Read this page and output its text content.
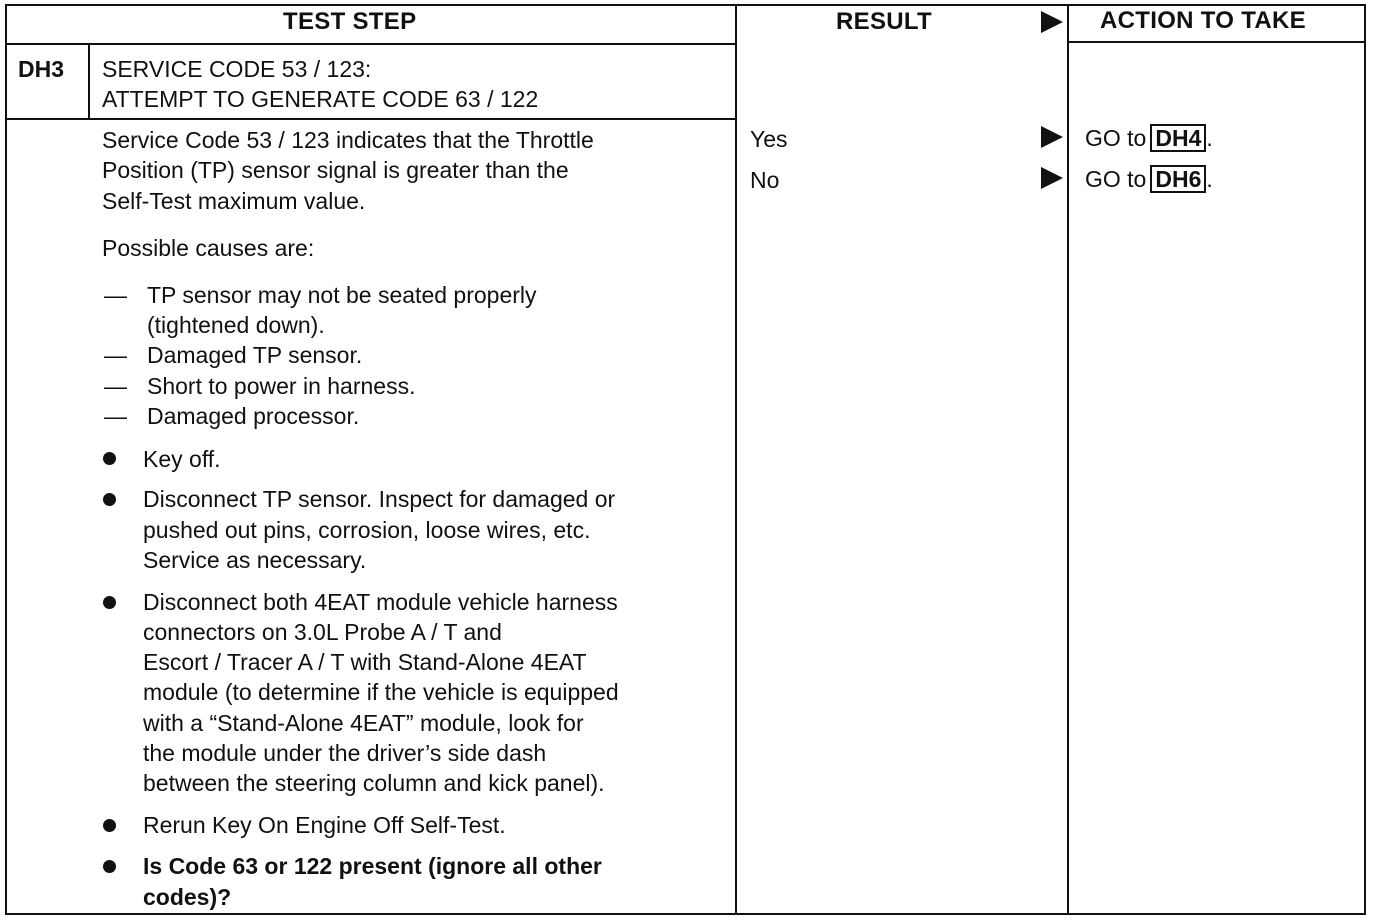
TEST STEP	RESULT	ACTION TO TAKE
DH3 SERVICE CODE 53 / 123:
ATTEMPT TO GENERATE CODE 63 / 122
Service Code 53 / 123 indicates that the Throttle
Position (TP) sensor signal is greater than the
Self-Test maximum value.
Possible causes are:
— TP sensor may not be seated properly
(tightened down).
— Damaged TP sensor.
— Short to power in harness.
— Damaged processor.
Key off.
Disconnect TP sensor. Inspect for damaged or
pushed out pins, corrosion, loose wires, etc.
Service as necessary.
Disconnect both 4EAT module vehicle harness
connectors on 3.0L Probe A / T and
Escort / Tracer A / T with Stand-Alone 4EAT
module (to determine if the vehicle is equipped
with a “Stand-Alone 4EAT” module, look for
the module under the driver’s side dash
between the steering column and kick panel).
Rerun Key On Engine Off Self-Test.
Is Code 63 or 122 present (ignore all other
codes)?
Yes	GO to DH4 .
No	GO to DH6 .
